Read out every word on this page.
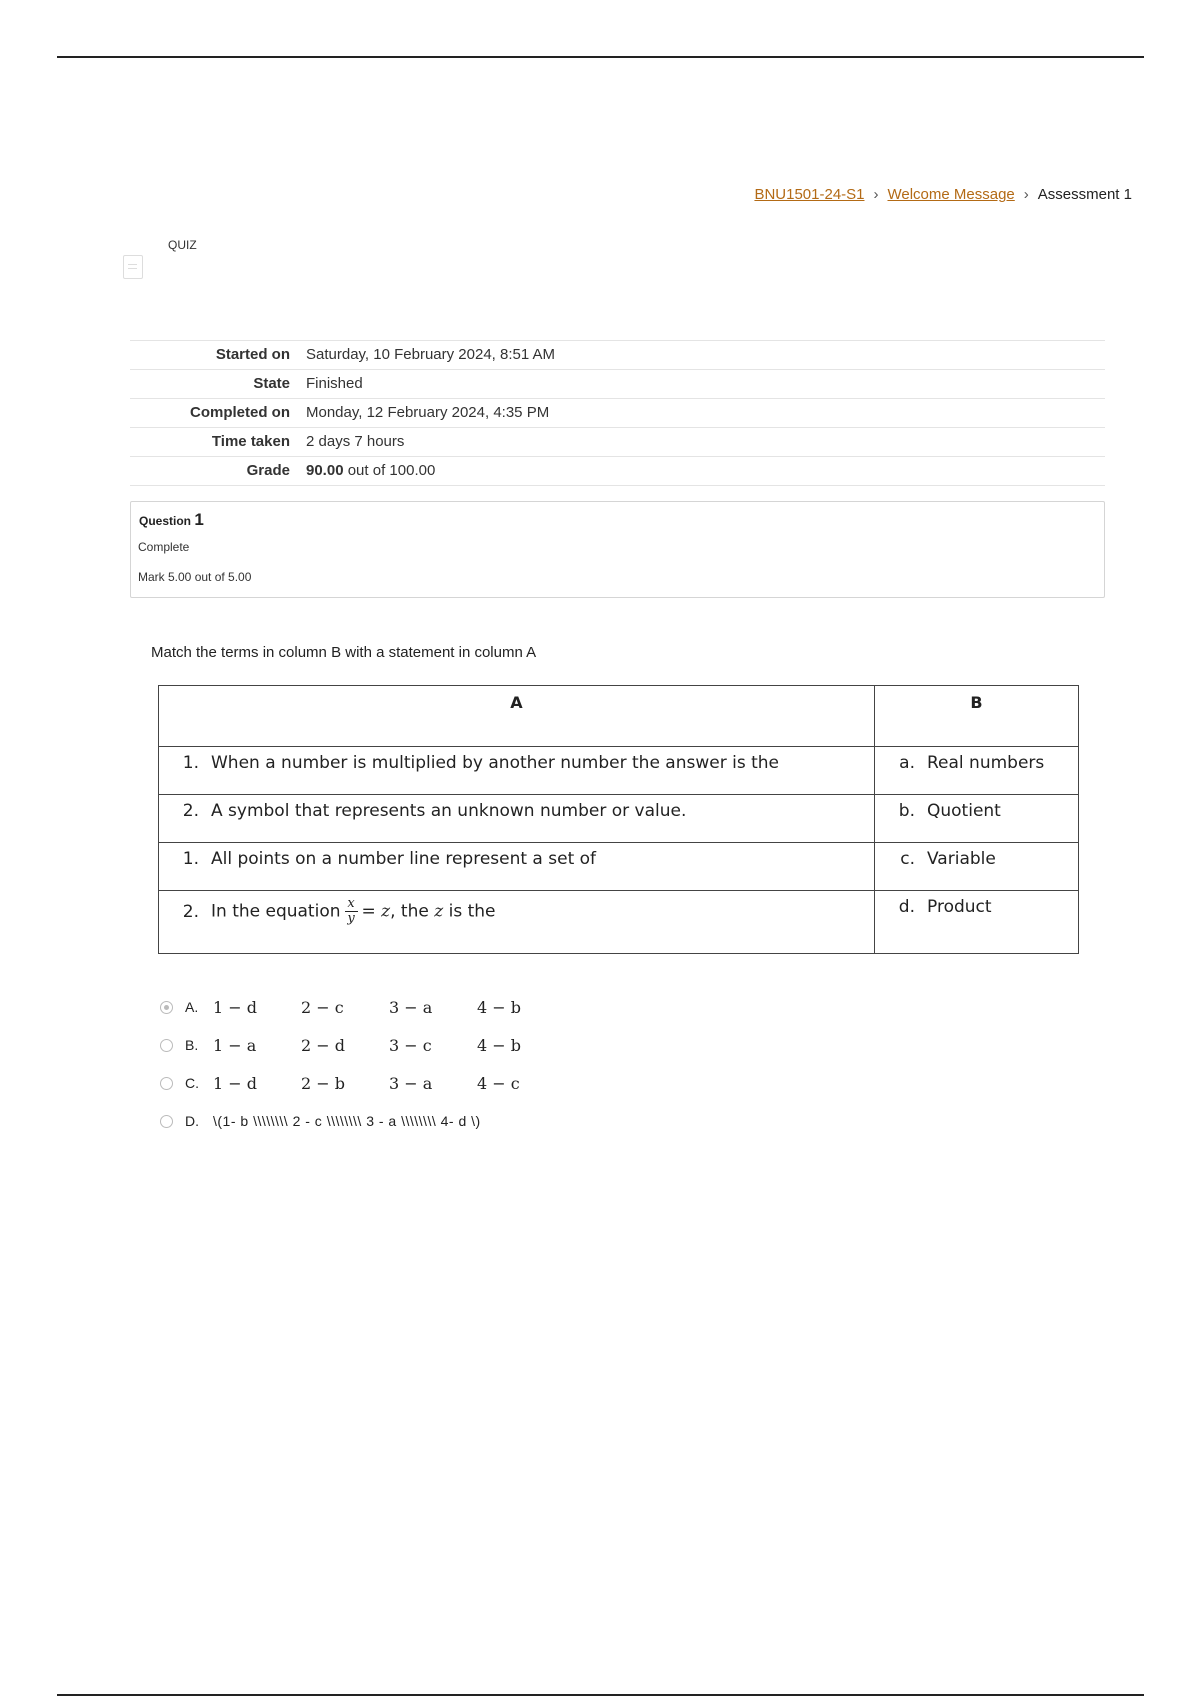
BNU1501-24-S1 › Welcome Message › Assessment 1
QUIZ
Started on	Saturday, 10 February 2024, 8:51 AM
State	Finished
Completed on	Monday, 12 February 2024, 4:35 PM
Time taken	2 days 7 hours
Grade	90.00 out of 100.00
Question 1
Complete
Mark 5.00 out of 5.00
Match the terms in column B with a statement in column A
A	B
1. When a number is multiplied by another number the answer is the	a. Real numbers
2. A symbol that represents an unknown number or value.	b. Quotient
1. All points on a number line represent a set of	c. Variable
2. In the equation $\frac{x}{y} = z$, the z is the	d. Product
A. 1 − d	2 − c	3 − a	4 − b
B. 1 − a	2 − d	3 − c	4 − b
C. 1 − d	2 − b	3 − a	4 − c
D.	\(1- b \\\\\\\\ 2 - c \\\\\\\\ 3 - a \\\\\\\\ 4- d \)
